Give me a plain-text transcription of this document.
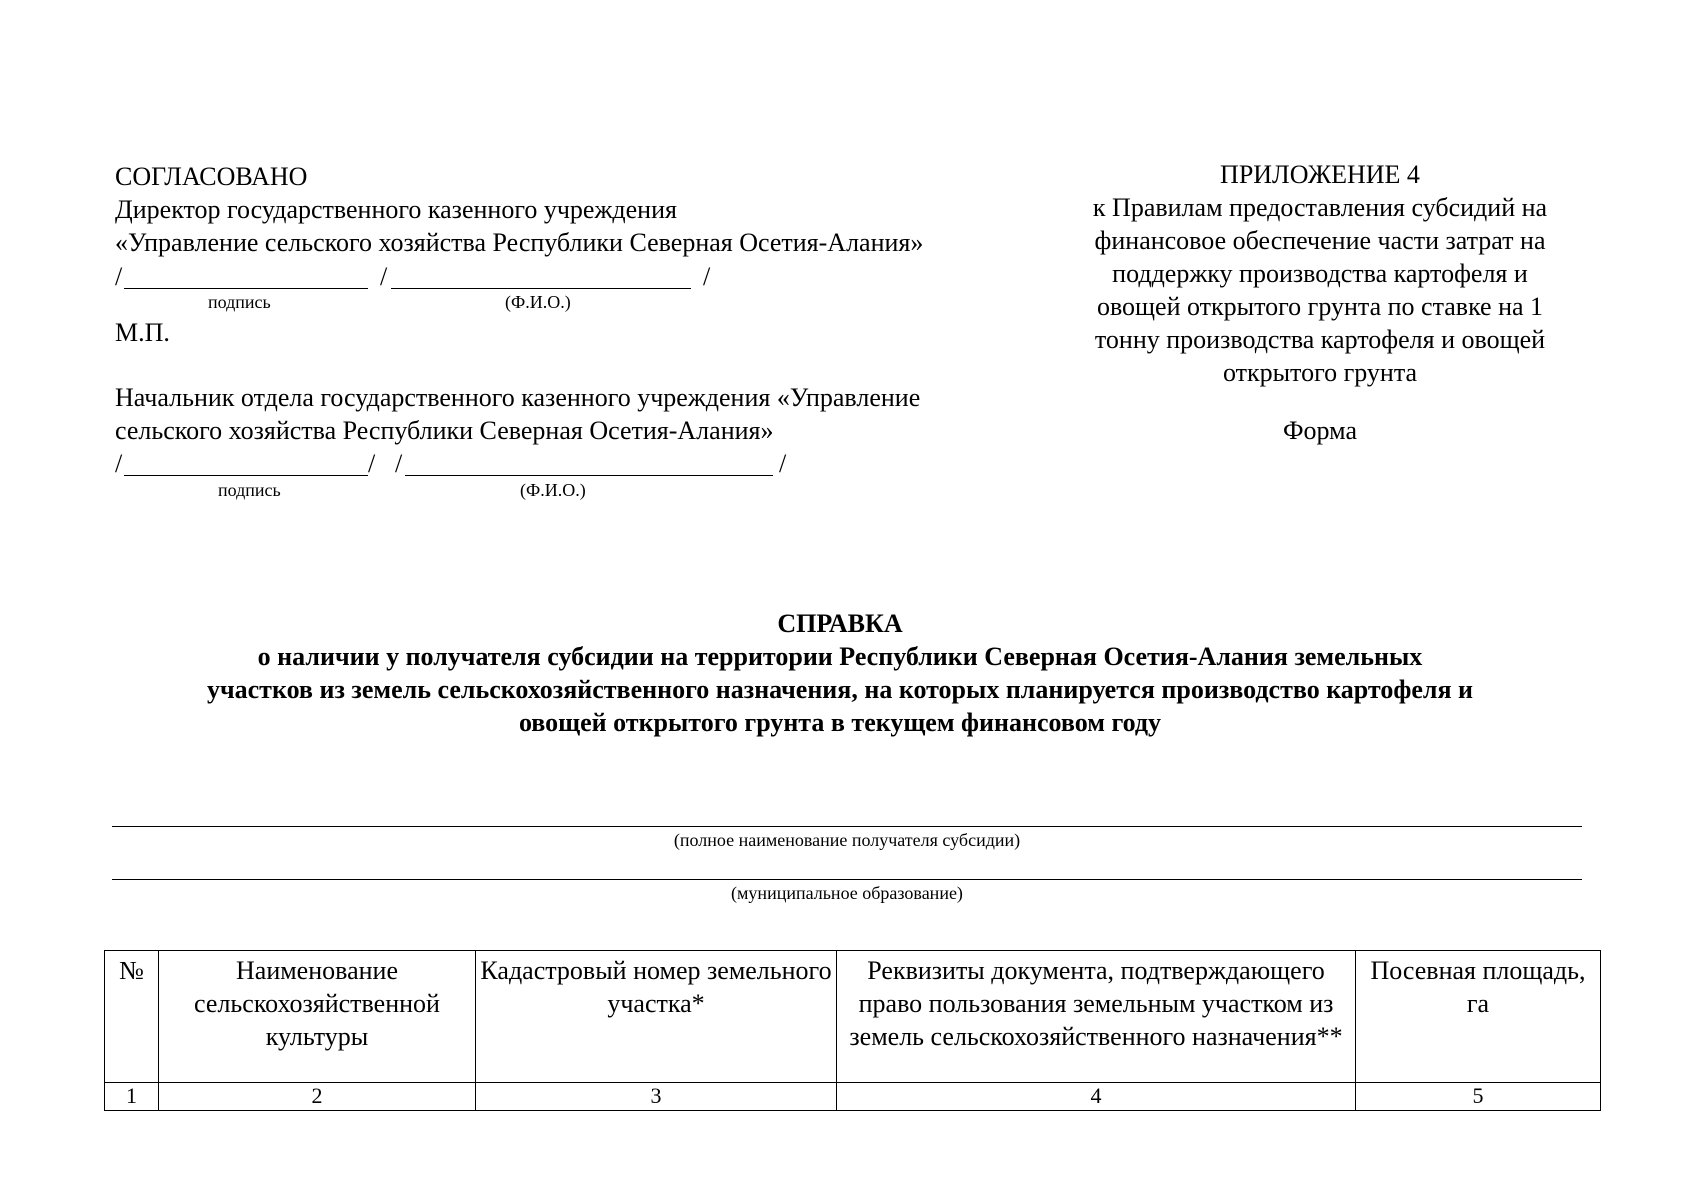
СОГЛАСОВАНО
Директор государственного казенного учреждения
«Управление сельского хозяйства Республики Северная Осетия-Алания»
/	/	/
подпись	(Ф.И.О.)
М.П.
Начальник отдела государственного казенного учреждения «Управление
сельского хозяйства Республики Северная Осетия-Алания»
/	/ /	/
подпись	(Ф.И.О.)
ПРИЛОЖЕНИЕ 4
к Правилам предоставления субсидий на
финансовое обеспечение части затрат на
поддержку производства картофеля и
овощей открытого грунта по ставке на 1
тонну производства картофеля и овощей
открытого грунта
Форма
СПРАВКА
о наличии у получателя субсидии на территории Республики Северная Осетия-Алания земельных
участков из земель сельскохозяйственного назначения, на которых планируется производство картофеля и
овощей открытого грунта в текущем финансовом году
(полное наименование получателя субсидии)
(муниципальное образование)
№	Наименование сельскохозяйственной культуры	Кадастровый номер земельного участка*	Реквизиты документа, подтверждающего право пользования земельным участком из земель сельскохозяйственного назначения**	Посевная площадь, га
1	2	3	4	5
